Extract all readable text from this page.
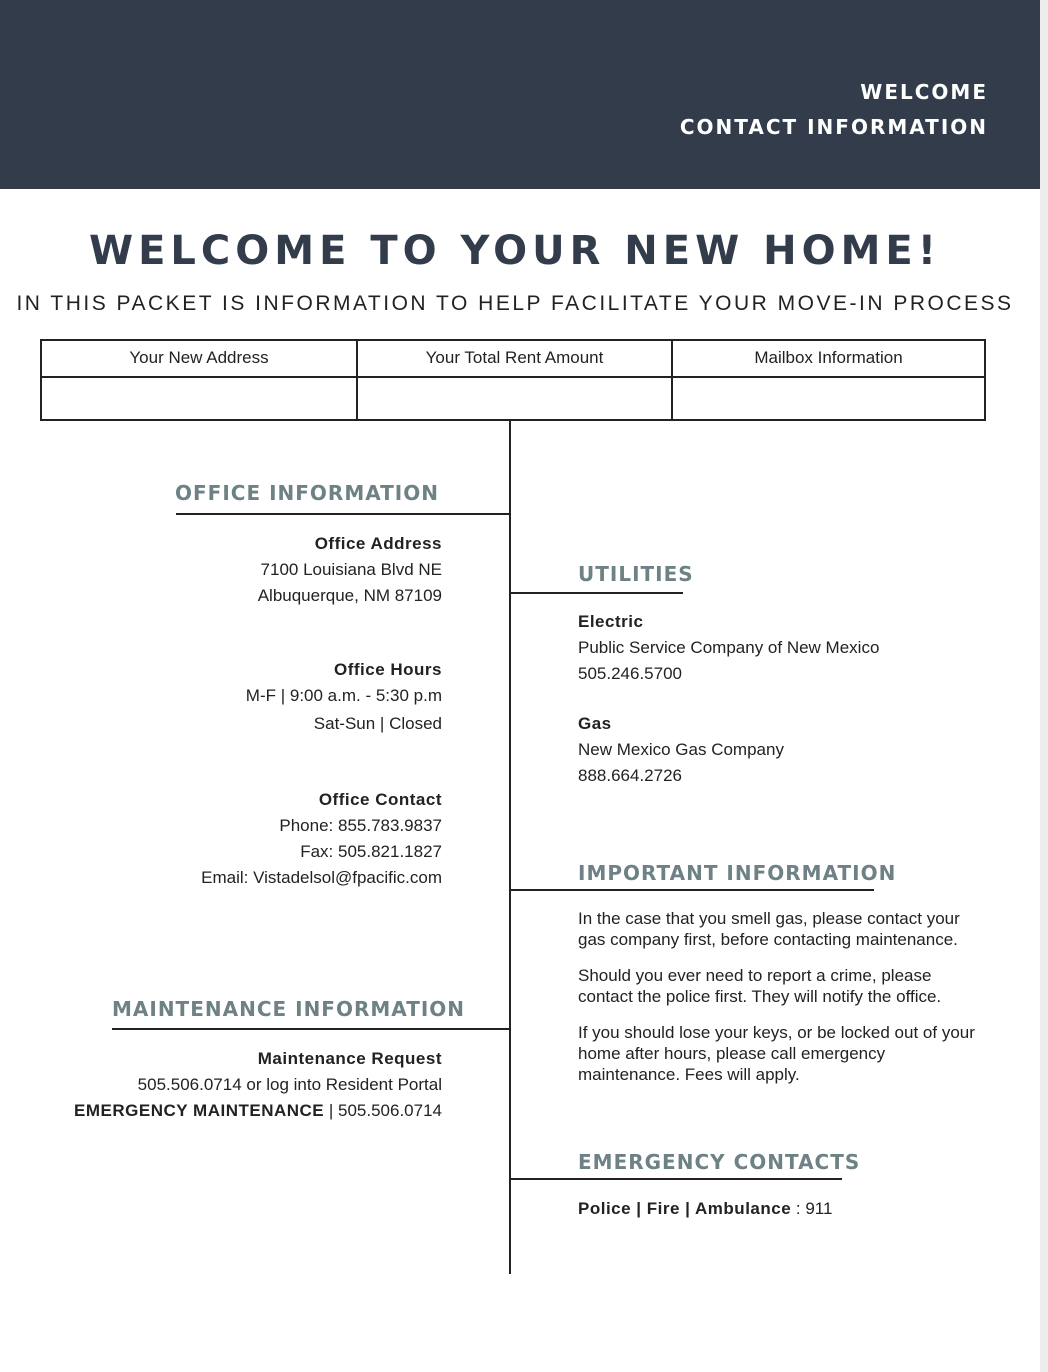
WELCOME
CONTACT INFORMATION
WELCOME TO YOUR NEW HOME!
IN THIS PACKET IS INFORMATION TO HELP FACILITATE YOUR MOVE-IN PROCESS
Your New Address	Your Total Rent Amount	Mailbox Information
OFFICE INFORMATION
Office Address
7100 Louisiana Blvd NE
Albuquerque, NM 87109
Office Hours
M-F | 9:00 a.m. - 5:30 p.m
Sat-Sun | Closed
Office Contact
Phone: 855.783.9837
Fax: 505.821.1827
Email: Vistadelsol@fpacific.com
MAINTENANCE INFORMATION
Maintenance Request
505.506.0714 or log into Resident Portal
EMERGENCY MAINTENANCE | 505.506.0714
UTILITIES
Electric
Public Service Company of New Mexico
505.246.5700
Gas
New Mexico Gas Company
888.664.2726
IMPORTANT INFORMATION
In the case that you smell gas, please contact your gas company first, before contacting maintenance.
Should you ever need to report a crime, please contact the police first. They will notify the office.
If you should lose your keys, or be locked out of your home after hours, please call emergency maintenance. Fees will apply.
EMERGENCY CONTACTS
Police | Fire | Ambulance : 911
